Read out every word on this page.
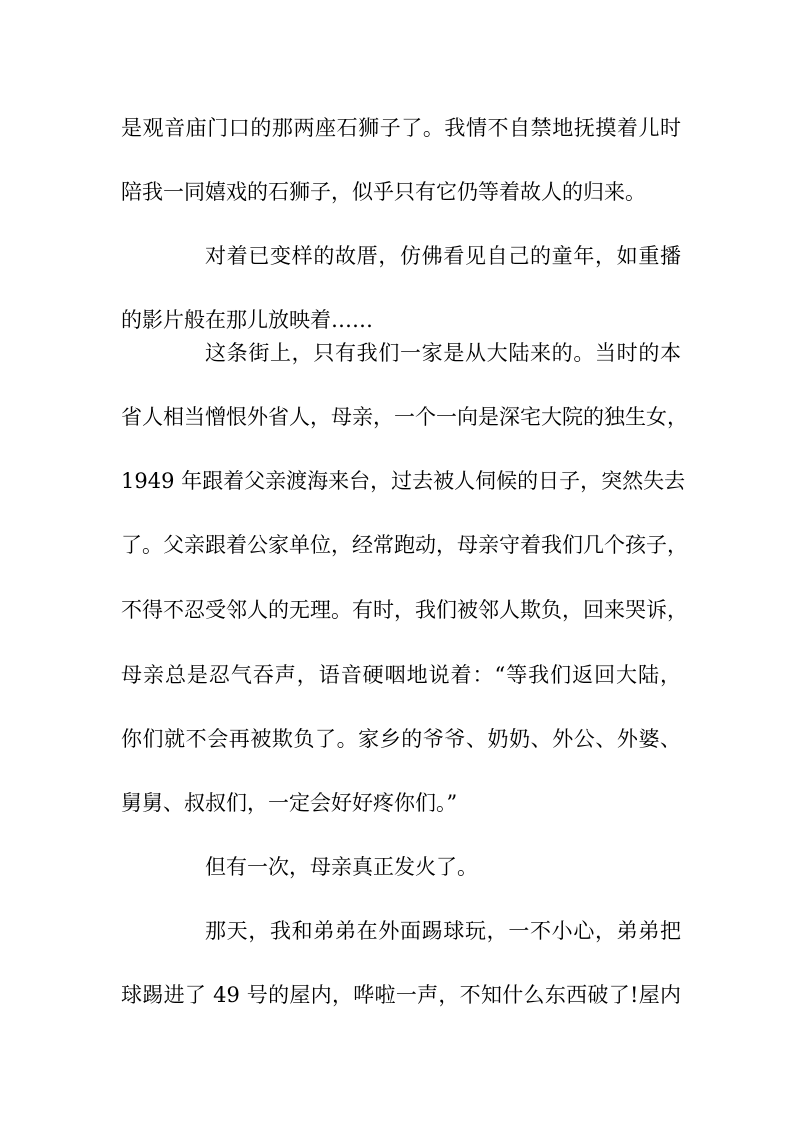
是观音庙门口的那两座石狮子了。我情不自禁地抚摸着儿时
陪我一同嬉戏的石狮子，似乎只有它仍等着故人的归来。
对着已变样的故厝，仿佛看见自己的童年，如重播
的影片般在那儿放映着……
这条街上，只有我们一家是从大陆来的。当时的本
省人相当憎恨外省人，母亲，一个一向是深宅大院的独生女，
1949 年跟着父亲渡海来台，过去被人伺候的日子，突然失去
了。父亲跟着公家单位，经常跑动，母亲守着我们几个孩子，
不得不忍受邻人的无理。有时，我们被邻人欺负，回来哭诉，
母亲总是忍气吞声，语音硬咽地说着：“等我们返回大陆，
你们就不会再被欺负了。家乡的爷爷、奶奶、外公、外婆、
舅舅、叔叔们，一定会好好疼你们。”
但有一次，母亲真正发火了。
那天，我和弟弟在外面踢球玩，一不小心，弟弟把
球踢进了 49 号的屋内，哗啦一声，不知什么东西破了!屋内
